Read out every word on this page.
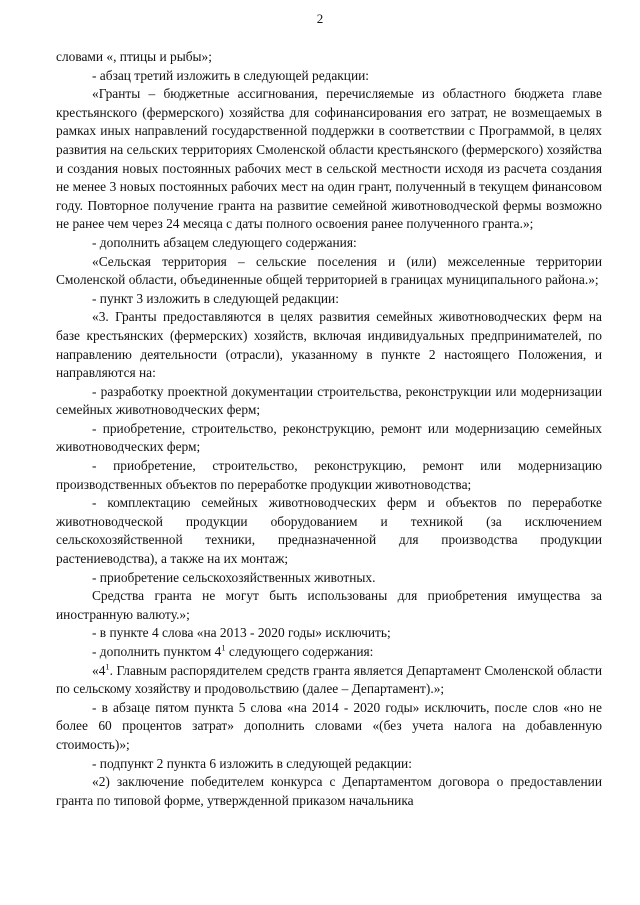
2

словами «, птицы и рыбы»;

- абзац третий изложить в следующей редакции:

«Гранты – бюджетные ассигнования, перечисляемые из областного бюджета главе крестьянского (фермерского) хозяйства для софинансирования его затрат, не возмещаемых в рамках иных направлений государственной поддержки в соответствии с Программой, в целях развития на сельских территориях Смоленской области крестьянского (фермерского) хозяйства и создания новых постоянных рабочих мест в сельской местности исходя из расчета создания не менее 3 новых постоянных рабочих мест на один грант, полученный в текущем финансовом году. Повторное получение гранта на развитие семейной животноводческой фермы возможно не ранее чем через 24 месяца с даты полного освоения ранее полученного гранта.»;

- дополнить абзацем следующего содержания:

«Сельская территория – сельские поселения и (или) межселенные территории Смоленской области, объединенные общей территорией в границах муниципального района.»;

- пункт 3 изложить в следующей редакции:

«3. Гранты предоставляются в целях развития семейных животноводческих ферм на базе крестьянских (фермерских) хозяйств, включая индивидуальных предпринимателей, по направлению деятельности (отрасли), указанному в пункте 2 настоящего Положения, и направляются на:

- разработку проектной документации строительства, реконструкции или модернизации семейных животноводческих ферм;

- приобретение, строительство, реконструкцию, ремонт или модернизацию семейных животноводческих ферм;

- приобретение, строительство, реконструкцию, ремонт или модернизацию производственных объектов по переработке продукции животноводства;

- комплектацию семейных животноводческих ферм и объектов по переработке животноводческой продукции оборудованием и техникой (за исключением сельскохозяйственной техники, предназначенной для производства продукции растениеводства), а также на их монтаж;

- приобретение сельскохозяйственных животных.

Средства гранта не могут быть использованы для приобретения имущества за иностранную валюту.»;

- в пункте 4 слова «на 2013 - 2020 годы» исключить;

- дополнить пунктом $4^1$ следующего содержания:

«$4^1$. Главным распорядителем средств гранта является Департамент Смоленской области по сельскому хозяйству и продовольствию (далее – Департамент).»;

- в абзаце пятом пункта 5 слова «на 2014 - 2020 годы» исключить, после слов «но не более 60 процентов затрат» дополнить словами «(без учета налога на добавленную стоимость)»;

- подпункт 2 пункта 6 изложить в следующей редакции:

«2) заключение победителем конкурса с Департаментом договора о предоставлении гранта по типовой форме, утвержденной приказом начальника
